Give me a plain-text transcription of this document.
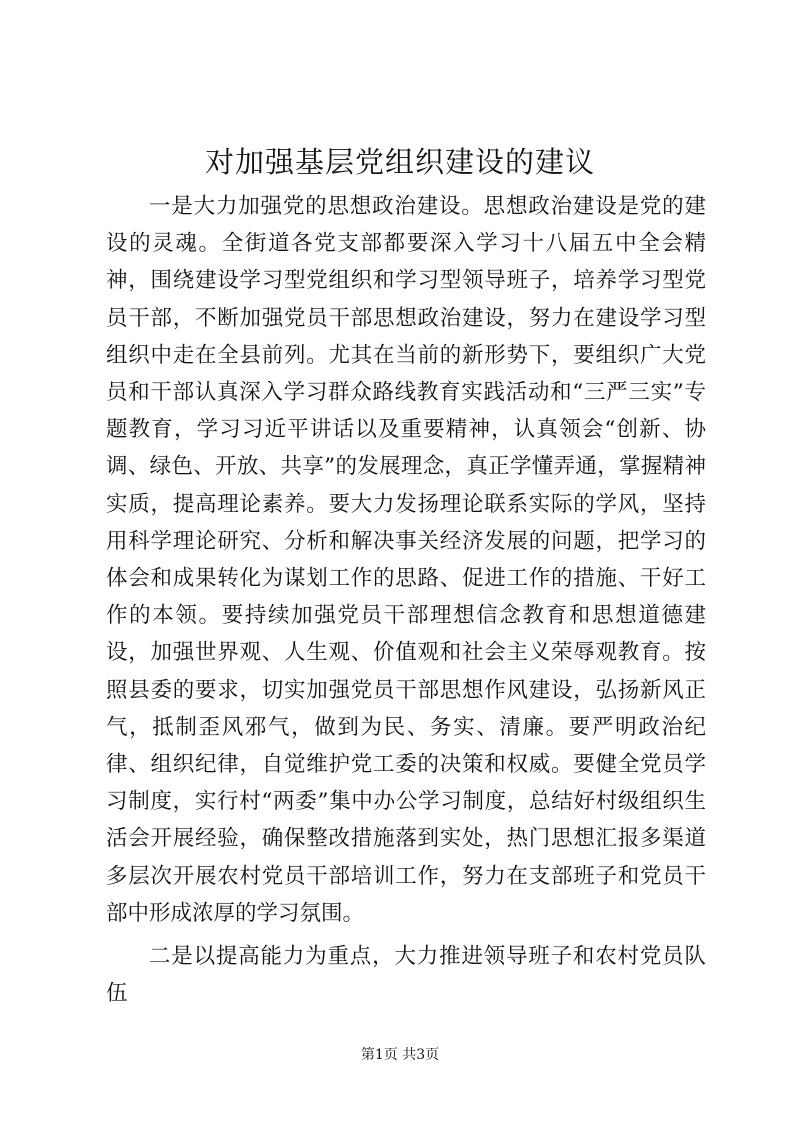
对加强基层党组织建设的建议

一是大力加强党的思想政治建设。思想政治建设是党的建设的灵魂。全街道各党支部都要深入学习十八届五中全会精神，围绕建设学习型党组织和学习型领导班子，培养学习型党员干部，不断加强党员干部思想政治建设，努力在建设学习型组织中走在全县前列。尤其在当前的新形势下，要组织广大党员和干部认真深入学习群众路线教育实践活动和“三严三实”专题教育，学习习近平讲话以及重要精神，认真领会“创新、协调、绿色、开放、共享”的发展理念，真正学懂弄通，掌握精神实质，提高理论素养。要大力发扬理论联系实际的学风，坚持用科学理论研究、分析和解决事关经济发展的问题，把学习的体会和成果转化为谋划工作的思路、促进工作的措施、干好工作的本领。要持续加强党员干部理想信念教育和思想道德建设，加强世界观、人生观、价值观和社会主义荣辱观教育。按照县委的要求，切实加强党员干部思想作风建设，弘扬新风正气，抵制歪风邪气，做到为民、务实、清廉。要严明政治纪律、组织纪律，自觉维护党工委的决策和权威。要健全党员学习制度，实行村“两委”集中办公学习制度，总结好村级组织生活会开展经验，确保整改措施落到实处，热门思想汇报多渠道多层次开展农村党员干部培训工作，努力在支部班子和党员干部中形成浓厚的学习氛围。

二是以提高能力为重点，大力推进领导班子和农村党员队伍

第1页 共3页
